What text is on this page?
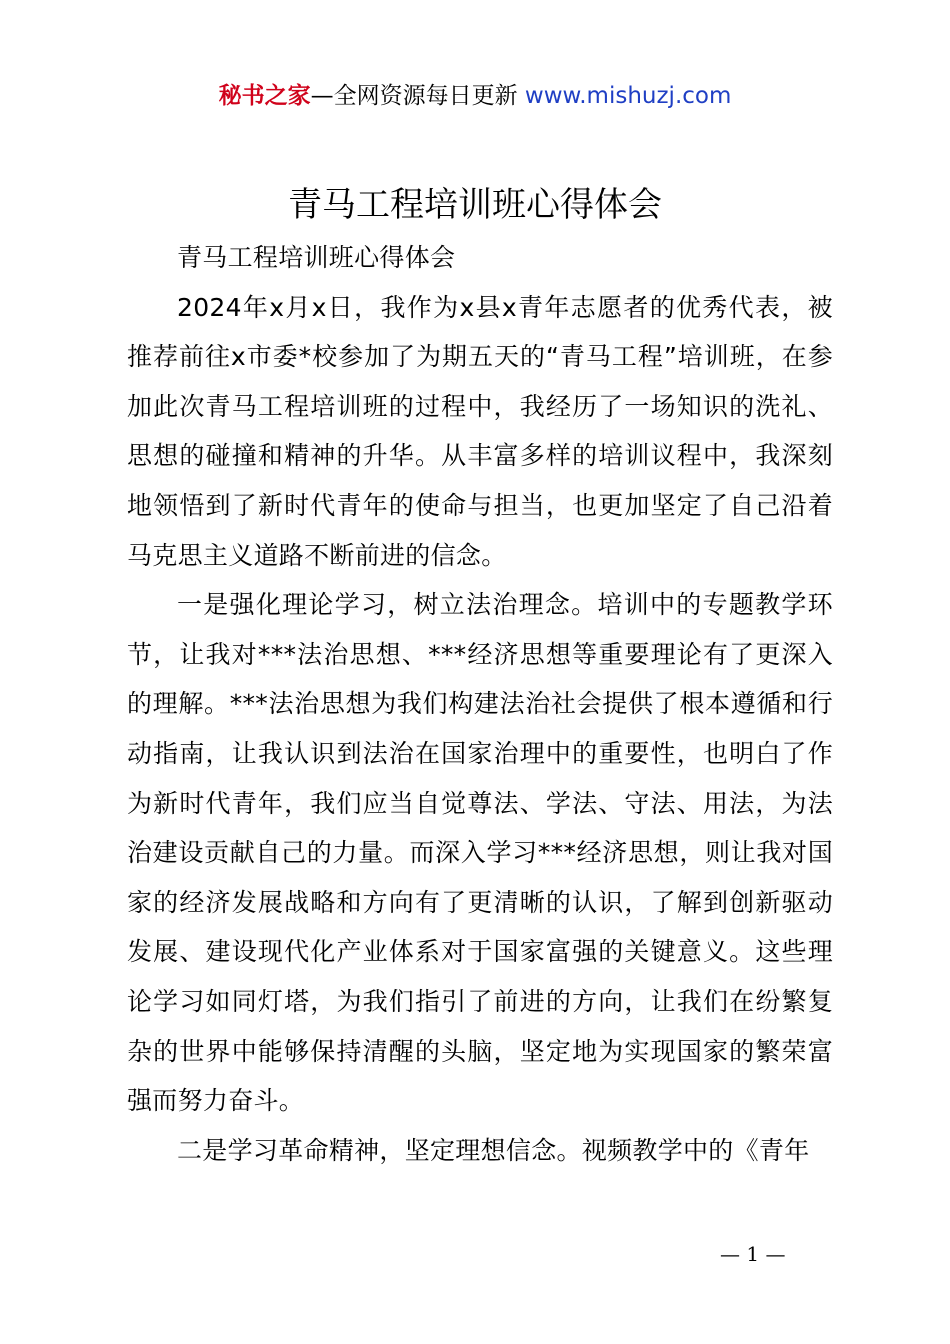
秘书之家—全网资源每日更新 www.mishuzj.com
青马工程培训班心得体会

青马工程培训班心得体会

2024年x月x日，我作为x县x青年志愿者的优秀代表，被推荐前往x市委*校参加了为期五天的“青马工程”培训班，在参加此次青马工程培训班的过程中，我经历了一场知识的洗礼、思想的碰撞和精神的升华。从丰富多样的培训议程中，我深刻地领悟到了新时代青年的使命与担当，也更加坚定了自己沿着马克思主义道路不断前进的信念。

一是强化理论学习，树立法治理念。培训中的专题教学环节，让我对***法治思想、***经济思想等重要理论有了更深入的理解。***法治思想为我们构建法治社会提供了根本遵循和行动指南，让我认识到法治在国家治理中的重要性，也明白了作为新时代青年，我们应当自觉尊法、学法、守法、用法，为法治建设贡献自己的力量。而深入学习***经济思想，则让我对国家的经济发展战略和方向有了更清晰的认识，了解到创新驱动发展、建设现代化产业体系对于国家富强的关键意义。这些理论学习如同灯塔，为我们指引了前进的方向，让我们在纷繁复杂的世界中能够保持清醒的头脑，坚定地为实现国家的繁荣富强而努力奋斗。

二是学习革命精神，坚定理想信念。视频教学中的《青年

— 1 —
